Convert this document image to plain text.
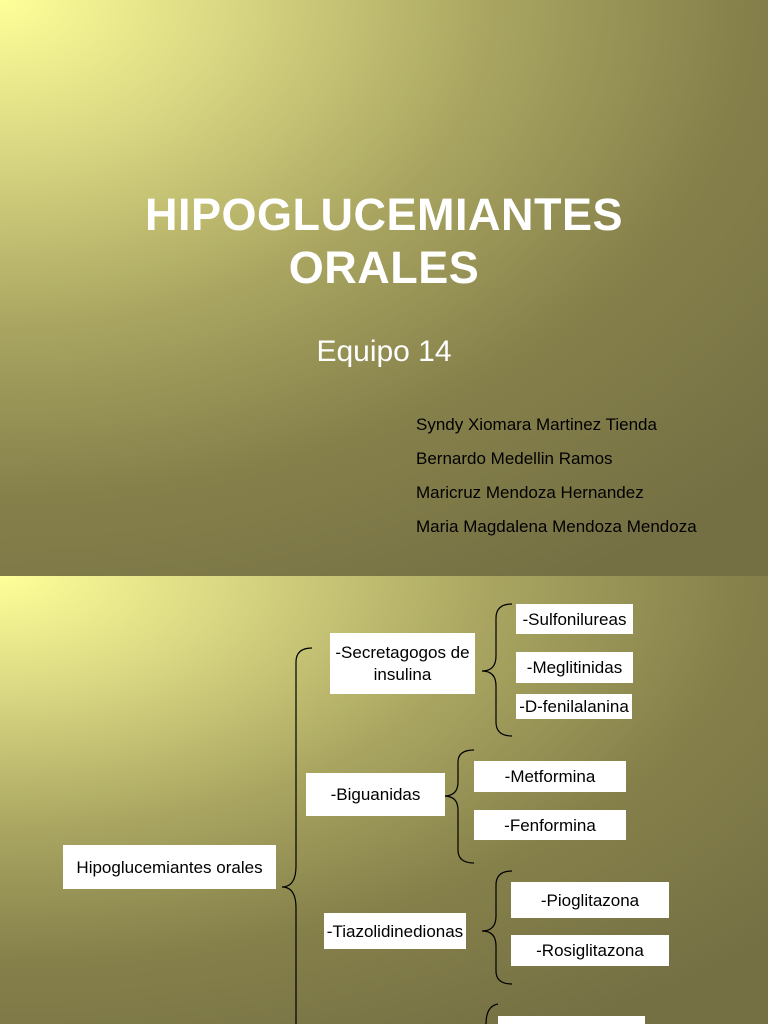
HIPOGLUCEMIANTES
ORALES
Equipo 14
Syndy Xiomara Martinez Tienda
Bernardo Medellin Ramos
Maricruz Mendoza Hernandez
Maria Magdalena Mendoza Mendoza
Hipoglucemiantes orales
-Secretagogos de
insulina
-Sulfonilureas
-Meglitinidas
-D-fenilalanina
-Biguanidas
-Metformina
-Fenformina
-Tiazolidinedionas
-Pioglitazona
-Rosiglitazona
